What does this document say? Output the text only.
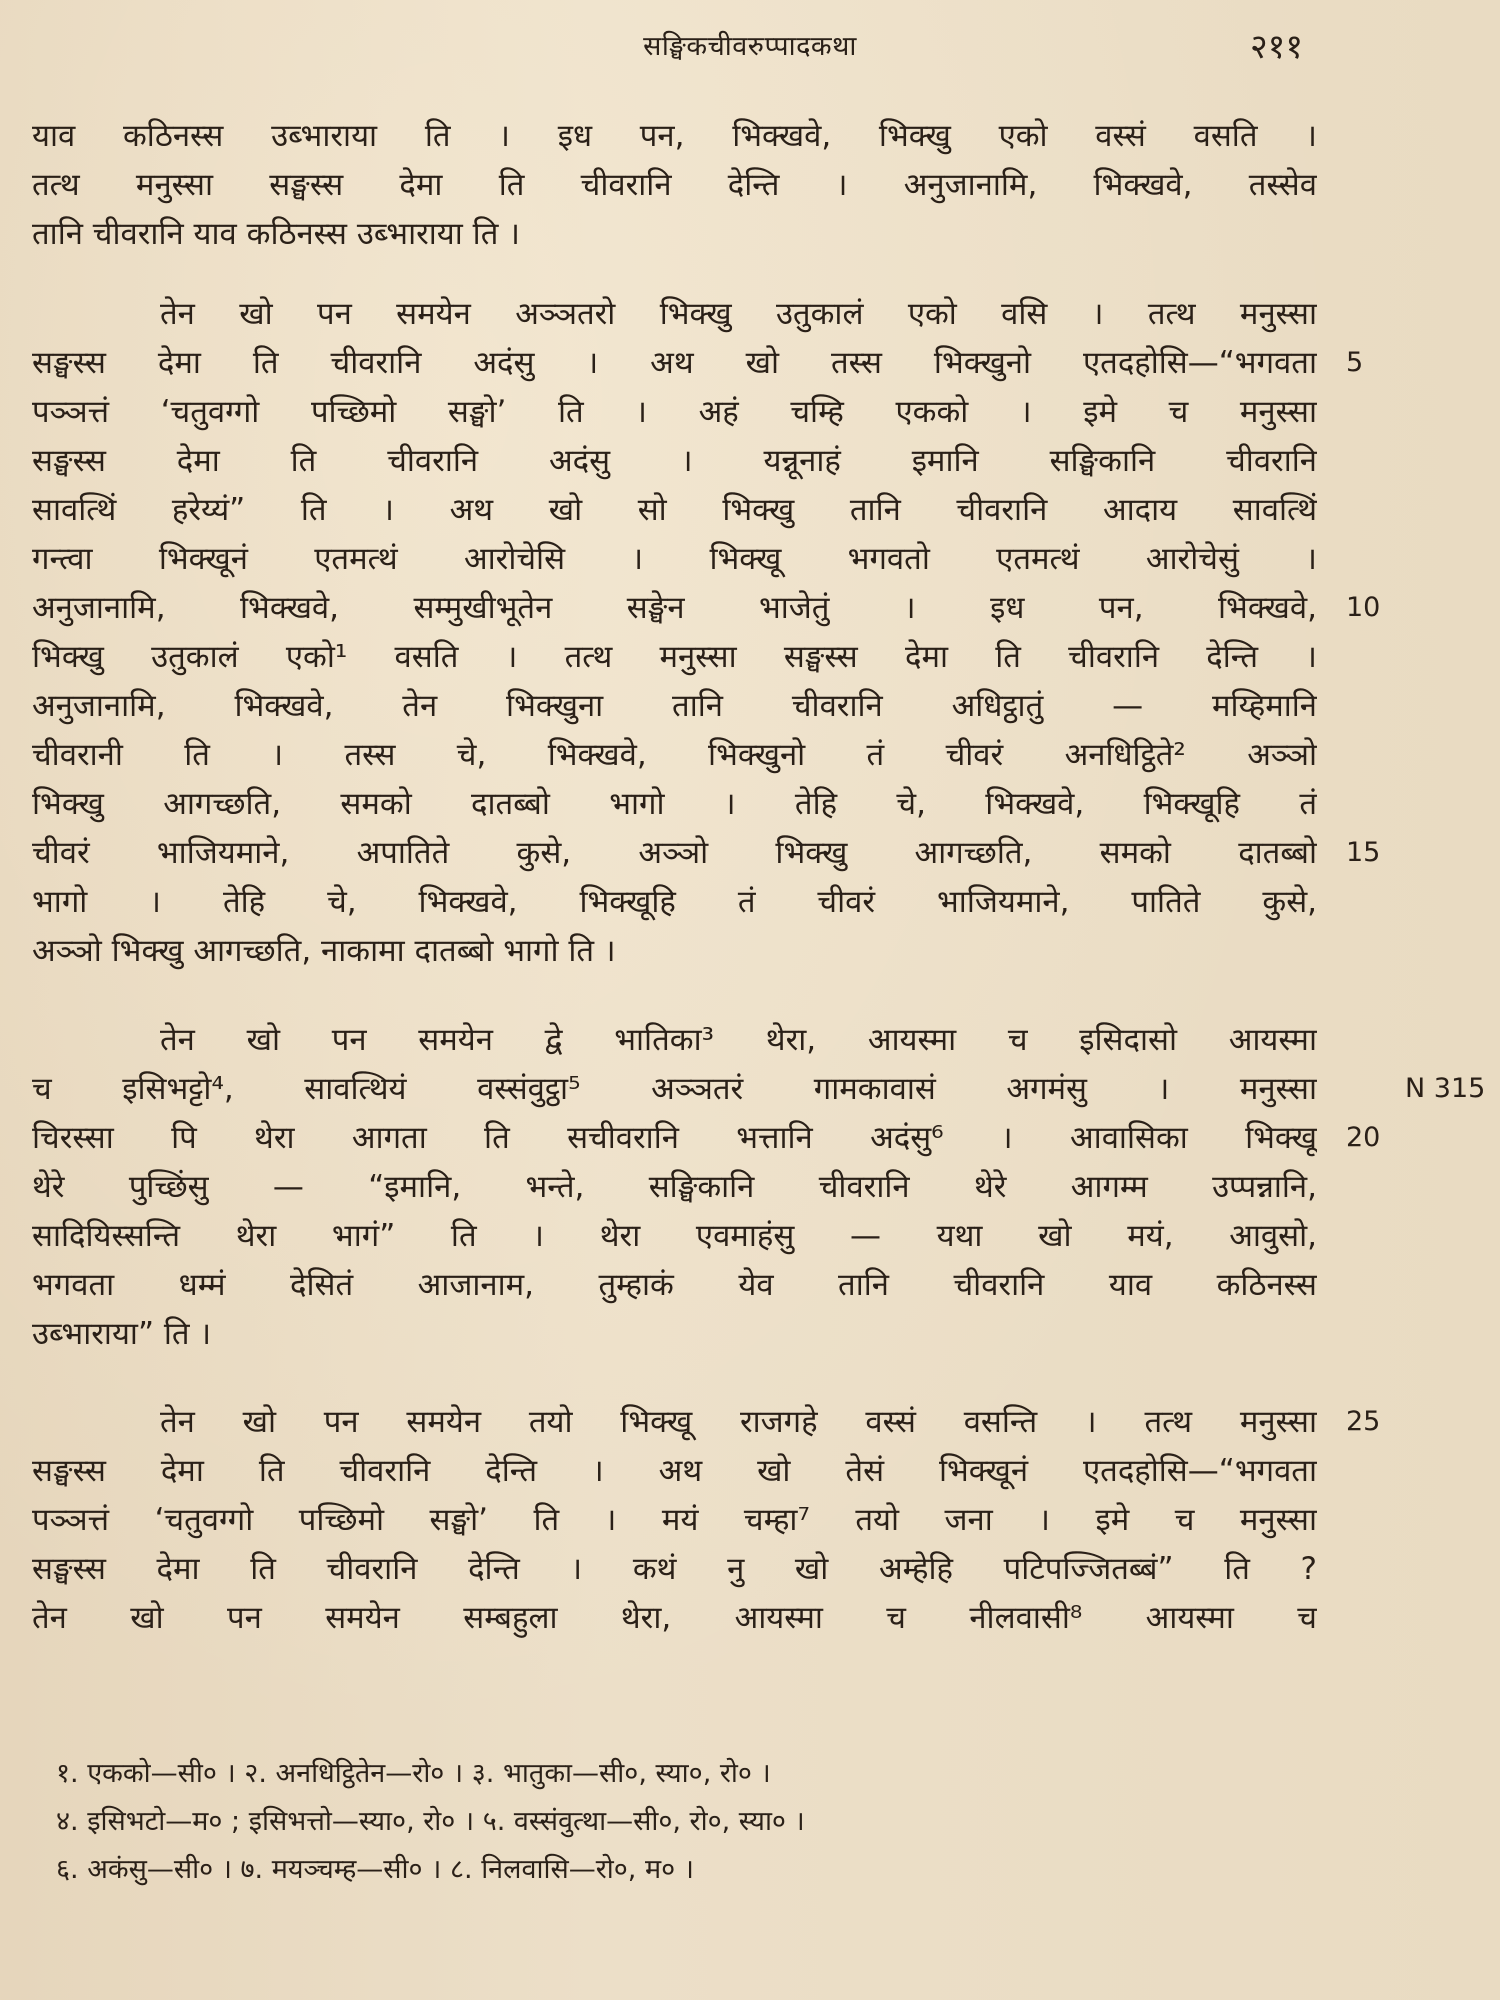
सङ्घिकचीवरुप्पादकथा	२११
याव कठिनस्स उब्भाराया ति । इध पन, भिक्खवे, भिक्खु एको वस्सं वसति ।
तत्थ मनुस्सा सङ्घस्स देमा ति चीवरानि देन्ति । अनुजानामि, भिक्खवे, तस्सेव
तानि चीवरानि याव कठिनस्स उब्भाराया ति ।
तेन खो पन समयेन अञ्ञतरो भिक्खु उतुकालं एको वसि । तत्थ मनुस्सा
सङ्घस्स देमा ति चीवरानि अदंसु । अथ खो तस्स भिक्खुनो एतदहोसि—“भगवता
पञ्ञत्तं ‘चतुवग्गो पच्छिमो सङ्घो’ ति । अहं चम्हि एकको । इमे च मनुस्सा
सङ्घस्स देमा ति चीवरानि अदंसु । यन्नूनाहं इमानि सङ्घिकानि चीवरानि
सावत्थिं हरेय्यं” ति । अथ खो सो भिक्खु तानि चीवरानि आदाय सावत्थिं
गन्त्वा भिक्खूनं एतमत्थं आरोचेसि । भिक्खू भगवतो एतमत्थं आरोचेसुं ।
अनुजानामि, भिक्खवे, सम्मुखीभूतेन सङ्घेन भाजेतुं । इध पन, भिक्खवे,
भिक्खु उतुकालं एको¹ वसति । तत्थ मनुस्सा सङ्घस्स देमा ति चीवरानि देन्ति ।
अनुजानामि, भिक्खवे, तेन भिक्खुना तानि चीवरानि अधिट्ठातुं — मय्हिमानि
चीवरानी ति । तस्स चे, भिक्खवे, भिक्खुनो तं चीवरं अनधिट्ठिते² अञ्ञो
भिक्खु आगच्छति, समको दातब्बो भागो । तेहि चे, भिक्खवे, भिक्खूहि तं
चीवरं भाजियमाने, अपातिते कुसे, अञ्ञो भिक्खु आगच्छति, समको दातब्बो
भागो । तेहि चे, भिक्खवे, भिक्खूहि तं चीवरं भाजियमाने, पातिते कुसे,
अञ्ञो भिक्खु आगच्छति, नाकामा दातब्बो भागो ति ।
तेन खो पन समयेन द्वे भातिका³ थेरा, आयस्मा च इसिदासो आयस्मा
च इसिभट्टो⁴, सावत्थियं वस्संवुट्ठा⁵ अञ्ञतरं गामकावासं अगमंसु । मनुस्सा
चिरस्सा पि थेरा आगता ति सचीवरानि भत्तानि अदंसु⁶ । आवासिका भिक्खू
थेरे पुच्छिंसु — “इमानि, भन्ते, सङ्घिकानि चीवरानि थेरे आगम्म उप्पन्नानि,
सादियिस्सन्ति थेरा भागं” ति । थेरा एवमाहंसु — यथा खो मयं, आवुसो,
भगवता धम्मं देसितं आजानाम, तुम्हाकं येव तानि चीवरानि याव कठिनस्स
उब्भाराया” ति ।
तेन खो पन समयेन तयो भिक्खू राजगहे वस्सं वसन्ति । तत्थ मनुस्सा
सङ्घस्स देमा ति चीवरानि देन्ति । अथ खो तेसं भिक्खूनं एतदहोसि—“भगवता
पञ्ञत्तं ‘चतुवग्गो पच्छिमो सङ्घो’ ति । मयं चम्हा⁷ तयो जना । इमे च मनुस्सा
सङ्घस्स देमा ति चीवरानि देन्ति । कथं नु खो अम्हेहि पटिपज्जितब्बं” ति ?
तेन खो पन समयेन सम्बहुला थेरा, आयस्मा च नीलवासी⁸ आयस्मा च
5
10
15
20
25
N 315
१. एकको—सी० । २. अनधिट्ठितेन—रो० । ३. भातुका—सी०, स्या०, रो० ।
४. इसिभटो—म० ; इसिभत्तो—स्या०, रो० । ५. वस्संवुत्था—सी०, रो०, स्या० ।
६. अकंसु—सी० । ७. मयञ्चम्ह—सी० । ८. निलवासि—रो०, म० ।
